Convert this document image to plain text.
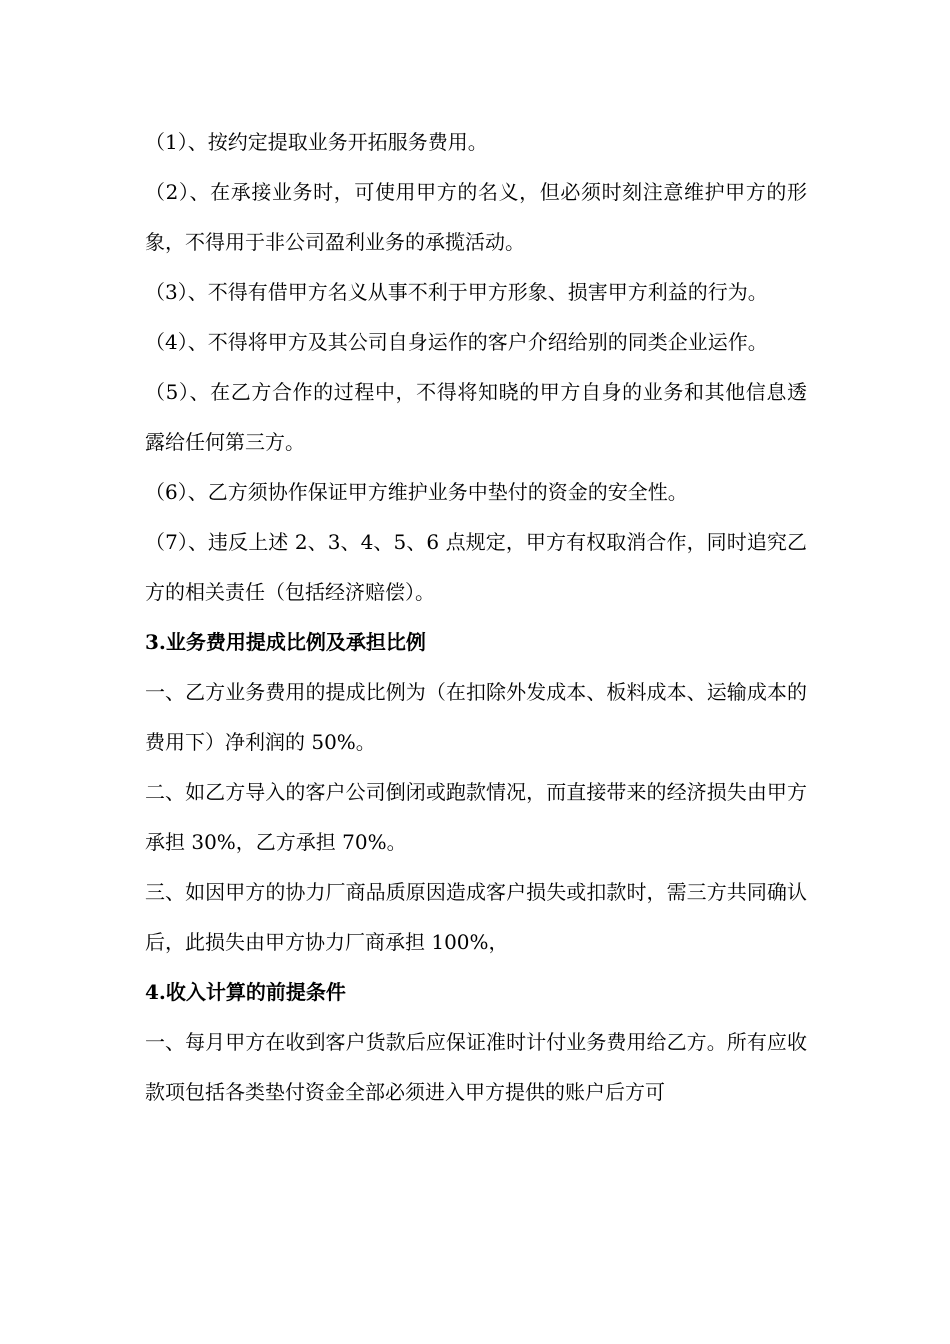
（1）、按约定提取业务开拓服务费用。

（2）、在承接业务时，可使用甲方的名义，但必须时刻注意维护甲方的形象，不得用于非公司盈利业务的承揽活动。

（3）、不得有借甲方名义从事不利于甲方形象、损害甲方利益的行为。

（4）、不得将甲方及其公司自身运作的客户介绍给别的同类企业运作。

（5）、在乙方合作的过程中，不得将知晓的甲方自身的业务和其他信息透露给任何第三方。

（6）、乙方须协作保证甲方维护业务中垫付的资金的安全性。

（7）、违反上述 2、3、4、5、6 点规定，甲方有权取消合作，同时追究乙方的相关责任（包括经济赔偿）。

3.业务费用提成比例及承担比例

一、乙方业务费用的提成比例为（在扣除外发成本、板料成本、运输成本的费用下）净利润的 50%。

二、如乙方导入的客户公司倒闭或跑款情况，而直接带来的经济损失由甲方承担 30%，乙方承担 70%。

三、如因甲方的协力厂商品质原因造成客户损失或扣款时，需三方共同确认后，此损失由甲方协力厂商承担 100%，

4.收入计算的前提条件

一、每月甲方在收到客户货款后应保证准时计付业务费用给乙方。所有应收款项包括各类垫付资金全部必须进入甲方提供的账户后方可
